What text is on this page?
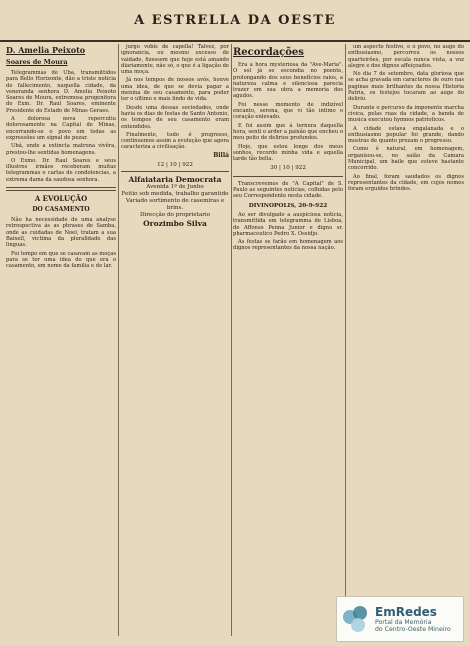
A ESTRELLA DA OESTE
D. Amelia Peixoto
Soares de Moura

Telegrammas de Uba, transmittidos para Bello Horizonte, dão a triste noticia do fallecimento, naquella cidade, da veneranda senhora D. Amelia Peixoto Soares de Moura, extremosa progenitora do Exm. Dr. Raul Soares, eminente Presidente do Estado de Minas Geraes.

A dolorosa nova repercutiu dolorosamente na Capital de Minas, encerrando-se o povo em todas as expressões um signal de pezar.

Ubá, onde a extincta matrona vivêra, prestou-lhe sentidas homenagens.

O Exmo. Dr. Raul Soares e seus illustres irmãos receberam muitas telegrammas e cartas de condolencias, a extrema dama da saudosa senhora.

A EVOLUÇÃO
DO CASAMENTO

Não ha necessidade de uma analyse retrospectiva ás as phrases de Samba, onde as cuidadas de Noel, tratam a sua Baixell, victima da pluralidade das linguas.

Foi tempo em que se casavam as moças para se ter uma idea do que era o casamento, em nome da familia e do lar.

jurgo vobis de capella! Talvez, por ignorancia, ou mesmo excesso de vaidade, fizessem que hoje está amando diariamente, não só, o que é a ligação de uma moça.

Já nos tempos de nossos avós, houve uma idea, de que se devia pagar a menina de seu casamento, para poder ter o ultimo e mais lindo de vida.

Desde uma dessas sociedades, onde havia os dias de festas de Santo Antonio, os tempos de seu casamento eram entendidos.

Finalmente, tudo é progresso, continuemos assim a evolução que agora caracteriza a civilisação.

Billá
12 | 10 | 922
Alfaiataria Democrata
Avenida 1º de Junho
Feitio sob medida, trabalho garantido
Variado sortimento de casemiras e brins.
Direcção do proprietario
Orozimbo Silva
Recordações

Era a hora mysteriosa da "Ave-Maria". O sol já se escondia no poente, prolongando dos seus benefícios raios, a natureza calma e silenciosa parecia trazer em sua obra a memoria dos agudos.

Foi nesse momento de indizível encanto, serena, que vi tão intimo o coração enlevado.

E foi assim que á ternura daquella hora, senti o arder a paixão que encheu o meu peito de delirios profundos.

Hoje, que estou longe dos meus sonhos, recordo minha vida e aquella tarde tão bella.

30 | 10 | 922

Transcrevemos de "A Capital" de S. Paulo as seguintes noticias, colhidas pelo seu Correspondente nesta cidade.

DIVINOPOLIS, 20-9-922

Ao ser divulgado a auspiciosa noticia, transmittida em telegramma de Lisboa, de Affonso Penna Junior e digno sr. pharmaceutico Pedro X. Ossidjo.

As festas se farão em homenagem aos dignos representantes da nossa nação.

um aspecto festivo, e o povo, no auge do enthusiasmo, percorreu os nossos quarteirões, por escala nunca vista, a voz alegre e dos dignos affeiçoados.

No dia 7 de setembro, data gloriosa que se acha gravada em caracteres de ouro nas paginas mais brilhantes da nossa Historia Patria, os festejos tocaram ao auge do delirio.

Durante o percurso da imponente marcha civica, pelas ruas da cidade, a banda de musica executou hymnos patrioticos.

A cidade estava engalanada e o enthusiasmo popular foi grande, dando mostras de quanto prezam o progresso.

Como é natural, em homenagem, organisou-se, no salão da Camara Municipal, um baile que esteve bastante concorrido.

Ao final, foram saudados os dignos representantes da cidade, em cujos nomes foram erguidos brindes.

EmRedes
Portal da Memória
do Centro-Oeste Mineiro
